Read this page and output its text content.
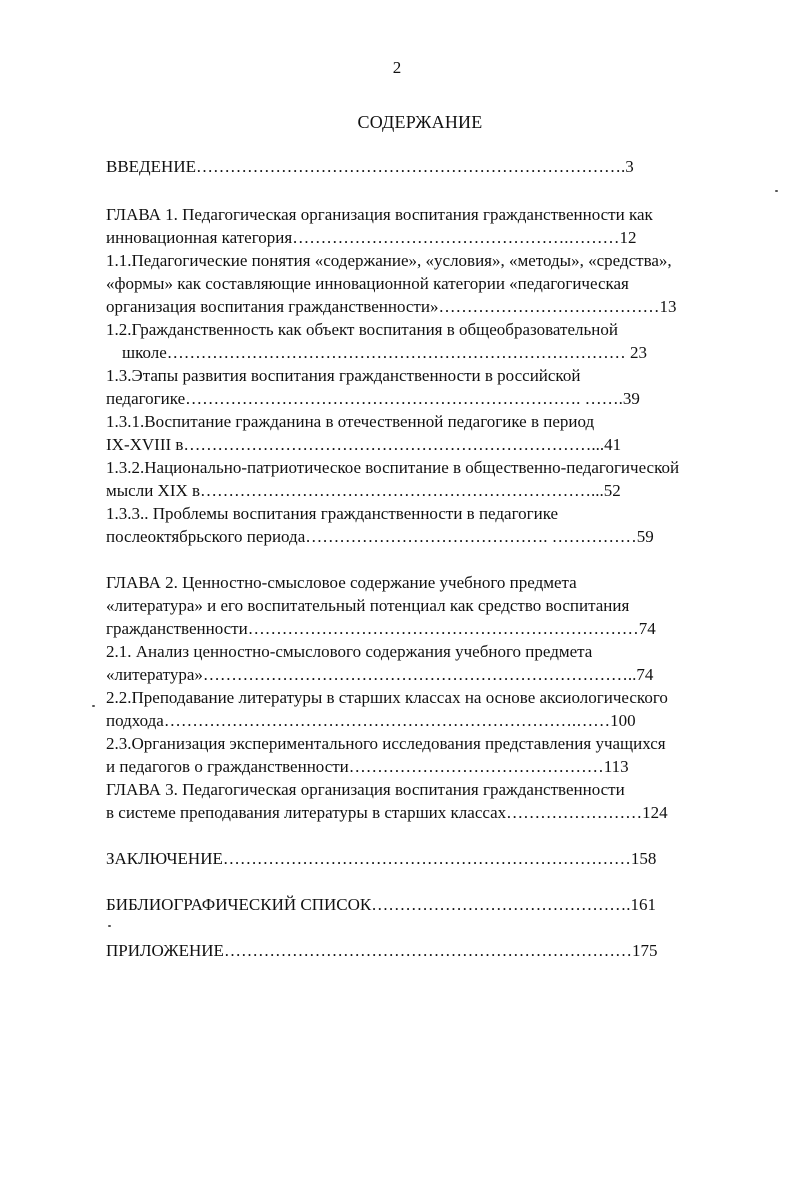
2
СОДЕРЖАНИЕ
ВВЕДЕНИЕ………………………………………………………………….3
ГЛАВА 1. Педагогическая организация воспитания гражданственности как
инновационная категория………………………………………….………12
1.1.Педагогические понятия «содержание», «условия», «методы», «средства»,
«формы» как составляющие инновационной категории «педагогическая
организация воспитания гражданственности»…………………………………13
1.2.Гражданственность как объект воспитания в общеобразовательной
школе……………………………………………………………………… 23
1.3.Этапы развития воспитания гражданственности в российской
педагогике……………………………………………………………. …….39
1.3.1.Воспитание гражданина в отечественной педагогике в период
IX-XVIII в………………………………………………………………...41
1.3.2.Национально-патриотическое воспитание в общественно-педагогической
мысли XIX в……………………………………………………………...52
1.3.3.. Проблемы воспитания гражданственности в педагогике
послеоктябрьского периода……………………………………. ……………59
ГЛАВА 2. Ценностно-смысловое содержание учебного предмета
«литература» и его воспитательный потенциал как средство воспитания
гражданственности……………………………………………………………74
2.1. Анализ ценностно-смыслового содержания учебного предмета
«литература»…………………………………………………………………..74
2.2.Преподавание литературы в старших классах на основе аксиологического
подхода……………………………………………………………….……100
2.3.Организация экспериментального исследования представления учащихся
и педагогов о гражданственности………………………………………113
ГЛАВА 3. Педагогическая организация воспитания гражданственности
в системе преподавания литературы в старших классах……………………124
ЗАКЛЮЧЕНИЕ………………………………………………………………158
БИБЛИОГРАФИЧЕСКИЙ СПИСОК……………………………………….161
ПРИЛОЖЕНИЕ………………………………………………………………175
